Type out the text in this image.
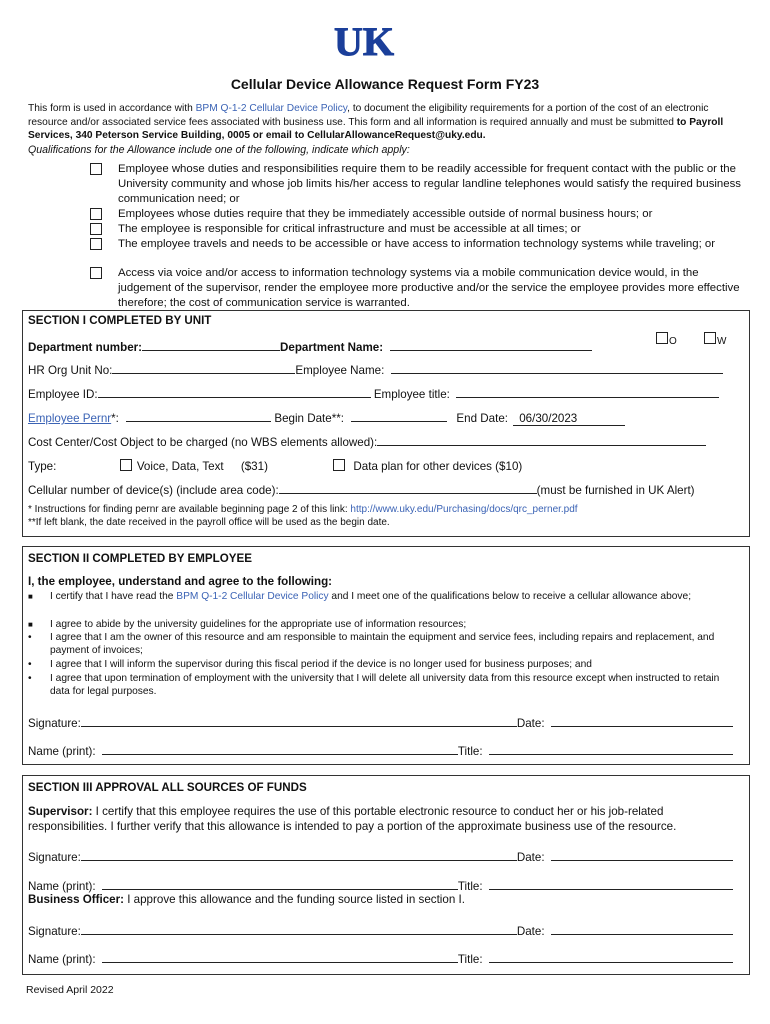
UK
Cellular Device Allowance Request Form FY23
This form is used in accordance with BPM Q-1-2 Cellular Device Policy, to document the eligibility requirements for a portion of the cost of an electronic resource and/or associated service fees associated with business use. This form and all information is required annually and must be submitted to Payroll Services, 340 Peterson Service Building, 0005 or email to CellularAllowanceRequest@uky.edu.
Qualifications for the Allowance include one of the following, indicate which apply:
Employee whose duties and responsibilities require them to be readily accessible for frequent contact with the public or the University community and whose job limits his/her access to regular landline telephones would satisfy the required business communication need; or
Employees whose duties require that they be immediately accessible outside of normal business hours; or
The employee is responsible for critical infrastructure and must be accessible at all times; or
The employee travels and needs to be accessible or have access to information technology systems while traveling; or
Access via voice and/or access to information technology systems via a mobile communication device would, in the judgement of the supervisor, render the employee more productive and/or the service the employee provides more effective therefore; the cost of communication service is warranted.
SECTION I COMPLETED BY UNIT
Department number:	Department Name:	O	W
HR Org Unit No:	Employee Name:
Employee ID:	Employee title:
Employee Pernr*:	Begin Date**:	End Date: 06/30/2023
Cost Center/Cost Object to be charged (no WBS elements allowed):
Type:	Voice, Data, Text ($31)	Data plan for other devices ($10)
Cellular number of device(s) (include area code):	(must be furnished in UK Alert)
* Instructions for finding pernr are available beginning page 2 of this link: http://www.uky.edu/Purchasing/docs/qrc_perner.pdf
**If left blank, the date received in the payroll office will be used as the begin date.
SECTION II COMPLETED BY EMPLOYEE
I, the employee, understand and agree to the following:
■ I certify that I have read the BPM Q-1-2 Cellular Device Policy and I meet one of the qualifications below to receive a cellular allowance above;
■ I agree to abide by the university guidelines for the appropriate use of information resources;
• I agree that I am the owner of this resource and am responsible to maintain the equipment and service fees, including repairs and replacement, and payment of invoices;
• I agree that I will inform the supervisor during this fiscal period if the device is no longer used for business purposes; and
• I agree that upon termination of employment with the university that I will delete all university data from this resource except when instructed to retain data for legal purposes.
Signature:	Date:
Name (print):	Title:
SECTION III APPROVAL ALL SOURCES OF FUNDS
Supervisor: I certify that this employee requires the use of this portable electronic resource to conduct her or his job-related responsibilities. I further verify that this allowance is intended to pay a portion of the approximate business use of the resource.
Signature:	Date:
Name (print):	Title:
Business Officer: I approve this allowance and the funding source listed in section I.
Signature:	Date:
Name (print):	Title:
Revised April 2022
